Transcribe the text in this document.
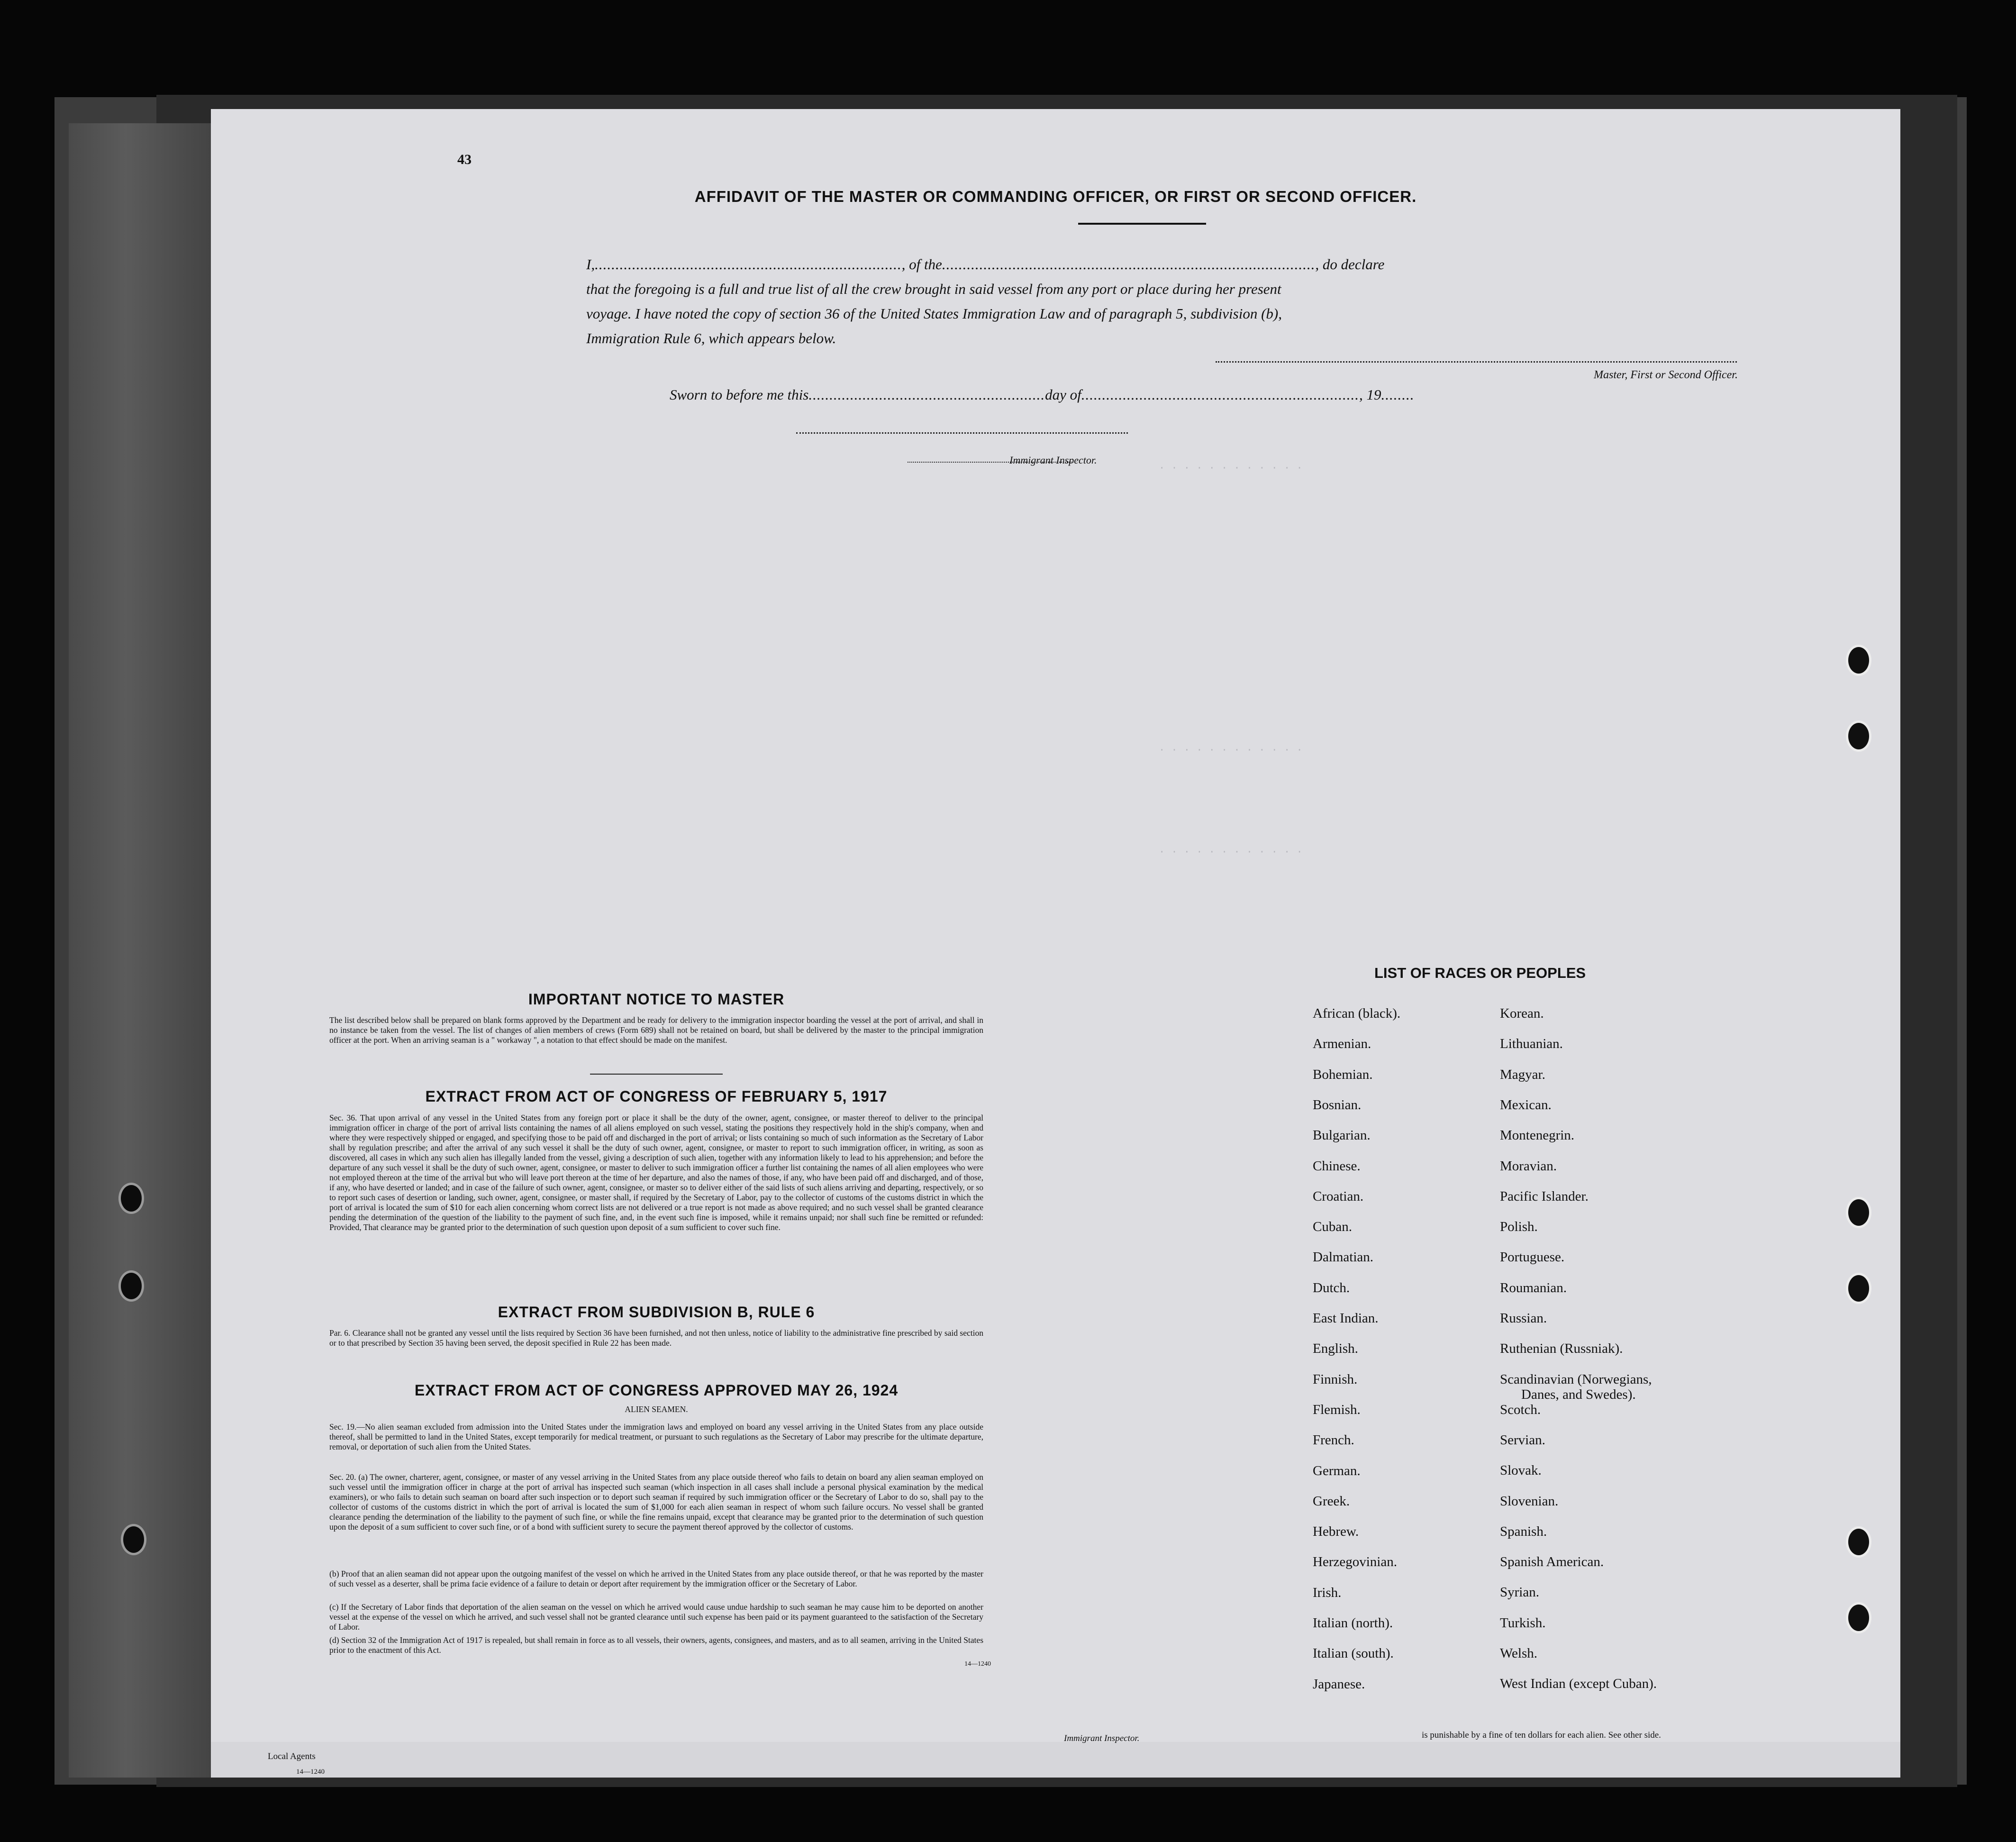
43
· · · · · · · · · · · ·
· · · · · · · · · · · ·
· · · · · · · · · · · ·
AFFIDAVIT OF THE MASTER OR COMMANDING OFFICER, OR FIRST OR SECOND OFFICER.
I,.........................................................................., of the.........................................................................................., do declare
that the foregoing is a full and true list of all the crew brought in said vessel from any port or place during her present
voyage. I have noted the copy of section 36 of the United States Immigration Law and of paragraph 5, subdivision (b),
Immigration Rule 6, which appears below.
Master, First or Second Officer.
Sworn to before me this.........................................................day of..................................................................., 19........
Immigrant Inspector.
IMPORTANT NOTICE TO MASTER
The list described below shall be prepared on blank forms approved by the Department and be ready for delivery to the immigration inspector boarding the vessel at the port of arrival, and shall in no instance be taken from the vessel. The list of changes of alien members of crews (Form 689) shall not be retained on board, but shall be delivered by the master to the principal immigration officer at the port. When an arriving seaman is a " workaway ", a notation to that effect should be made on the manifest.
EXTRACT FROM ACT OF CONGRESS OF FEBRUARY 5, 1917
Sec. 36. That upon arrival of any vessel in the United States from any foreign port or place it shall be the duty of the owner, agent, consignee, or master thereof to deliver to the principal immigration officer in charge of the port of arrival lists containing the names of all aliens employed on such vessel, stating the positions they respectively hold in the ship's company, when and where they were respectively shipped or engaged, and specifying those to be paid off and discharged in the port of arrival; or lists containing so much of such information as the Secretary of Labor shall by regulation prescribe; and after the arrival of any such vessel it shall be the duty of such owner, agent, consignee, or master to report to such immigration officer, in writing, as soon as discovered, all cases in which any such alien has illegally landed from the vessel, giving a description of such alien, together with any information likely to lead to his apprehension; and before the departure of any such vessel it shall be the duty of such owner, agent, consignee, or master to deliver to such immigration officer a further list containing the names of all alien employees who were not employed thereon at the time of the arrival but who will leave port thereon at the time of her departure, and also the names of those, if any, who have been paid off and discharged, and of those, if any, who have deserted or landed; and in case of the failure of such owner, agent, consignee, or master so to deliver either of the said lists of such aliens arriving and departing, respectively, or so to report such cases of desertion or landing, such owner, agent, consignee, or master shall, if required by the Secretary of Labor, pay to the collector of customs of the customs district in which the port of arrival is located the sum of $10 for each alien concerning whom correct lists are not delivered or a true report is not made as above required; and no such vessel shall be granted clearance pending the determination of the question of the liability to the payment of such fine, and, in the event such fine is imposed, while it remains unpaid; nor shall such fine be remitted or refunded: Provided, That clearance may be granted prior to the determination of such question upon deposit of a sum sufficient to cover such fine.
EXTRACT FROM SUBDIVISION B, RULE 6
Par. 6. Clearance shall not be granted any vessel until the lists required by Section 36 have been furnished, and not then unless, notice of liability to the administrative fine prescribed by said section or to that prescribed by Section 35 having been served, the deposit specified in Rule 22 has been made.
EXTRACT FROM ACT OF CONGRESS APPROVED MAY 26, 1924
ALIEN SEAMEN.
Sec. 19.—No alien seaman excluded from admission into the United States under the immigration laws and employed on board any vessel arriving in the United States from any place outside thereof, shall be permitted to land in the United States, except temporarily for medical treatment, or pursuant to such regulations as the Secretary of Labor may prescribe for the ultimate departure, removal, or deportation of such alien from the United States.
Sec. 20. (a) The owner, charterer, agent, consignee, or master of any vessel arriving in the United States from any place outside thereof who fails to detain on board any alien seaman employed on such vessel until the immigration officer in charge at the port of arrival has inspected such seaman (which inspection in all cases shall include a personal physical examination by the medical examiners), or who fails to detain such seaman on board after such inspection or to deport such seaman if required by such immigration officer or the Secretary of Labor to do so, shall pay to the collector of customs of the customs district in which the port of arrival is located the sum of $1,000 for each alien seaman in respect of whom such failure occurs. No vessel shall be granted clearance pending the determination of the liability to the payment of such fine, or while the fine remains unpaid, except that clearance may be granted prior to the determination of such question upon the deposit of a sum sufficient to cover such fine, or of a bond with sufficient surety to secure the payment thereof approved by the collector of customs.
(b) Proof that an alien seaman did not appear upon the outgoing manifest of the vessel on which he arrived in the United States from any place outside thereof, or that he was reported by the master of such vessel as a deserter, shall be prima facie evidence of a failure to detain or deport after requirement by the immigration officer or the Secretary of Labor.
(c) If the Secretary of Labor finds that deportation of the alien seaman on the vessel on which he arrived would cause undue hardship to such seaman he may cause him to be deported on another vessel at the expense of the vessel on which he arrived, and such vessel shall not be granted clearance until such expense has been paid or its payment guaranteed to the satisfaction of the Secretary of Labor.
(d) Section 32 of the Immigration Act of 1917 is repealed, but shall remain in force as to all vessels, their owners, agents, consignees, and masters, and as to all seamen, arriving in the United States prior to the enactment of this Act.
14—1240
LIST OF RACES OR PEOPLES
Local Agents
14—1240
Immigrant Inspector.	is punishable by a fine of ten dollars for each alien. See other side.
African (black).
Armenian.
Bohemian.
Bosnian.
Bulgarian.
Chinese.
Croatian.
Cuban.
Dalmatian.
Dutch.
East Indian.
English.
Finnish.
Flemish.
French.
German.
Greek.
Hebrew.
Herzegovinian.
Irish.
Italian (north).
Italian (south).
Japanese.
Korean.
Lithuanian.
Magyar.
Mexican.
Montenegrin.
Moravian.
Pacific Islander.
Polish.
Portuguese.
Roumanian.
Russian.
Ruthenian (Russniak).
Scandinavian (Norwegians,
Danes, and Swedes).
Scotch.
Servian.
Slovak.
Slovenian.
Spanish.
Spanish American.
Syrian.
Turkish.
Welsh.
West Indian (except Cuban).
